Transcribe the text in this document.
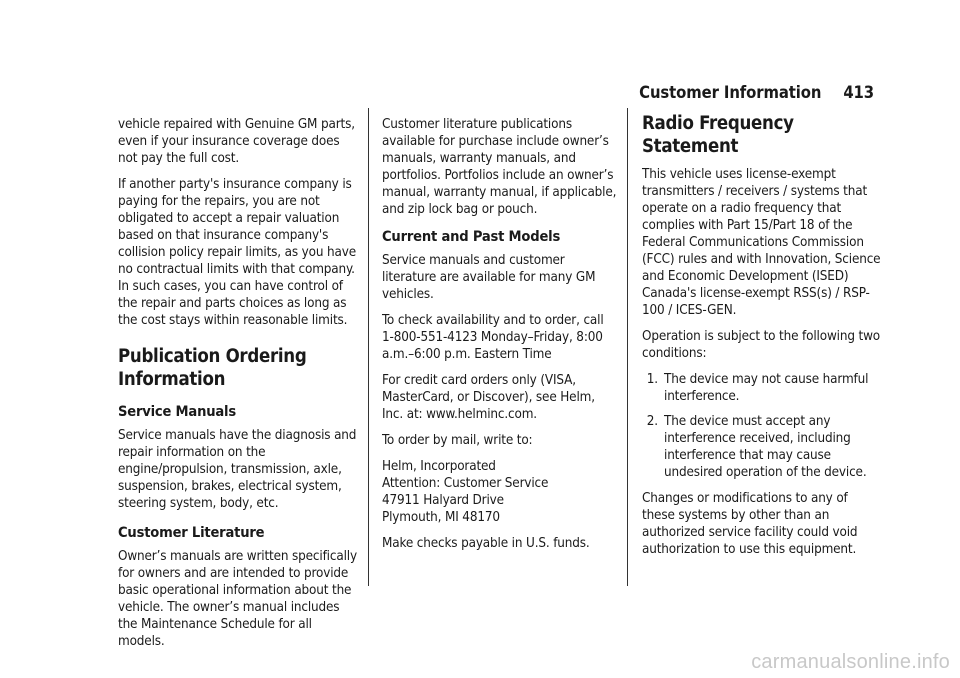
Customer Information 413

vehicle repaired with Genuine GM parts, even if your insurance coverage does not pay the full cost.

If another party's insurance company is paying for the repairs, you are not obligated to accept a repair valuation based on that insurance company's collision policy repair limits, as you have no contractual limits with that company. In such cases, you can have control of the repair and parts choices as long as the cost stays within reasonable limits.

Publication Ordering Information
Service Manuals

Service manuals have the diagnosis and repair information on the engine/propulsion, transmission, axle, suspension, brakes, electrical system, steering system, body, etc.

Customer Literature

Owner’s manuals are written specifically for owners and are intended to provide basic operational information about the vehicle. The owner’s manual includes the Maintenance Schedule for all models.

Customer literature publications available for purchase include owner’s manuals, warranty manuals, and portfolios. Portfolios include an owner’s manual, warranty manual, if applicable, and zip lock bag or pouch.

Current and Past Models

Service manuals and customer literature are available for many GM vehicles.

To check availability and to order, call 1-800-551-4123 Monday–Friday, 8:00 a.m.–6:00 p.m. Eastern Time

For credit card orders only (VISA, MasterCard, or Discover), see Helm, Inc. at: www.helminc.com.

To order by mail, write to:

Helm, Incorporated
Attention: Customer Service
47911 Halyard Drive
Plymouth, MI 48170

Make checks payable in U.S. funds.

Radio Frequency Statement

This vehicle uses license-exempt transmitters / receivers / systems that operate on a radio frequency that complies with Part 15/Part 18 of the Federal Communications Commission (FCC) rules and with Innovation, Science and Economic Development (ISED) Canada's license-exempt RSS(s) / RSP-100 / ICES-GEN.

Operation is subject to the following two conditions:

1. The device may not cause harmful interference.
2. The device must accept any interference received, including interference that may cause undesired operation of the device.

Changes or modifications to any of these systems by other than an authorized service facility could void authorization to use this equipment.

carmanualsonline.info
